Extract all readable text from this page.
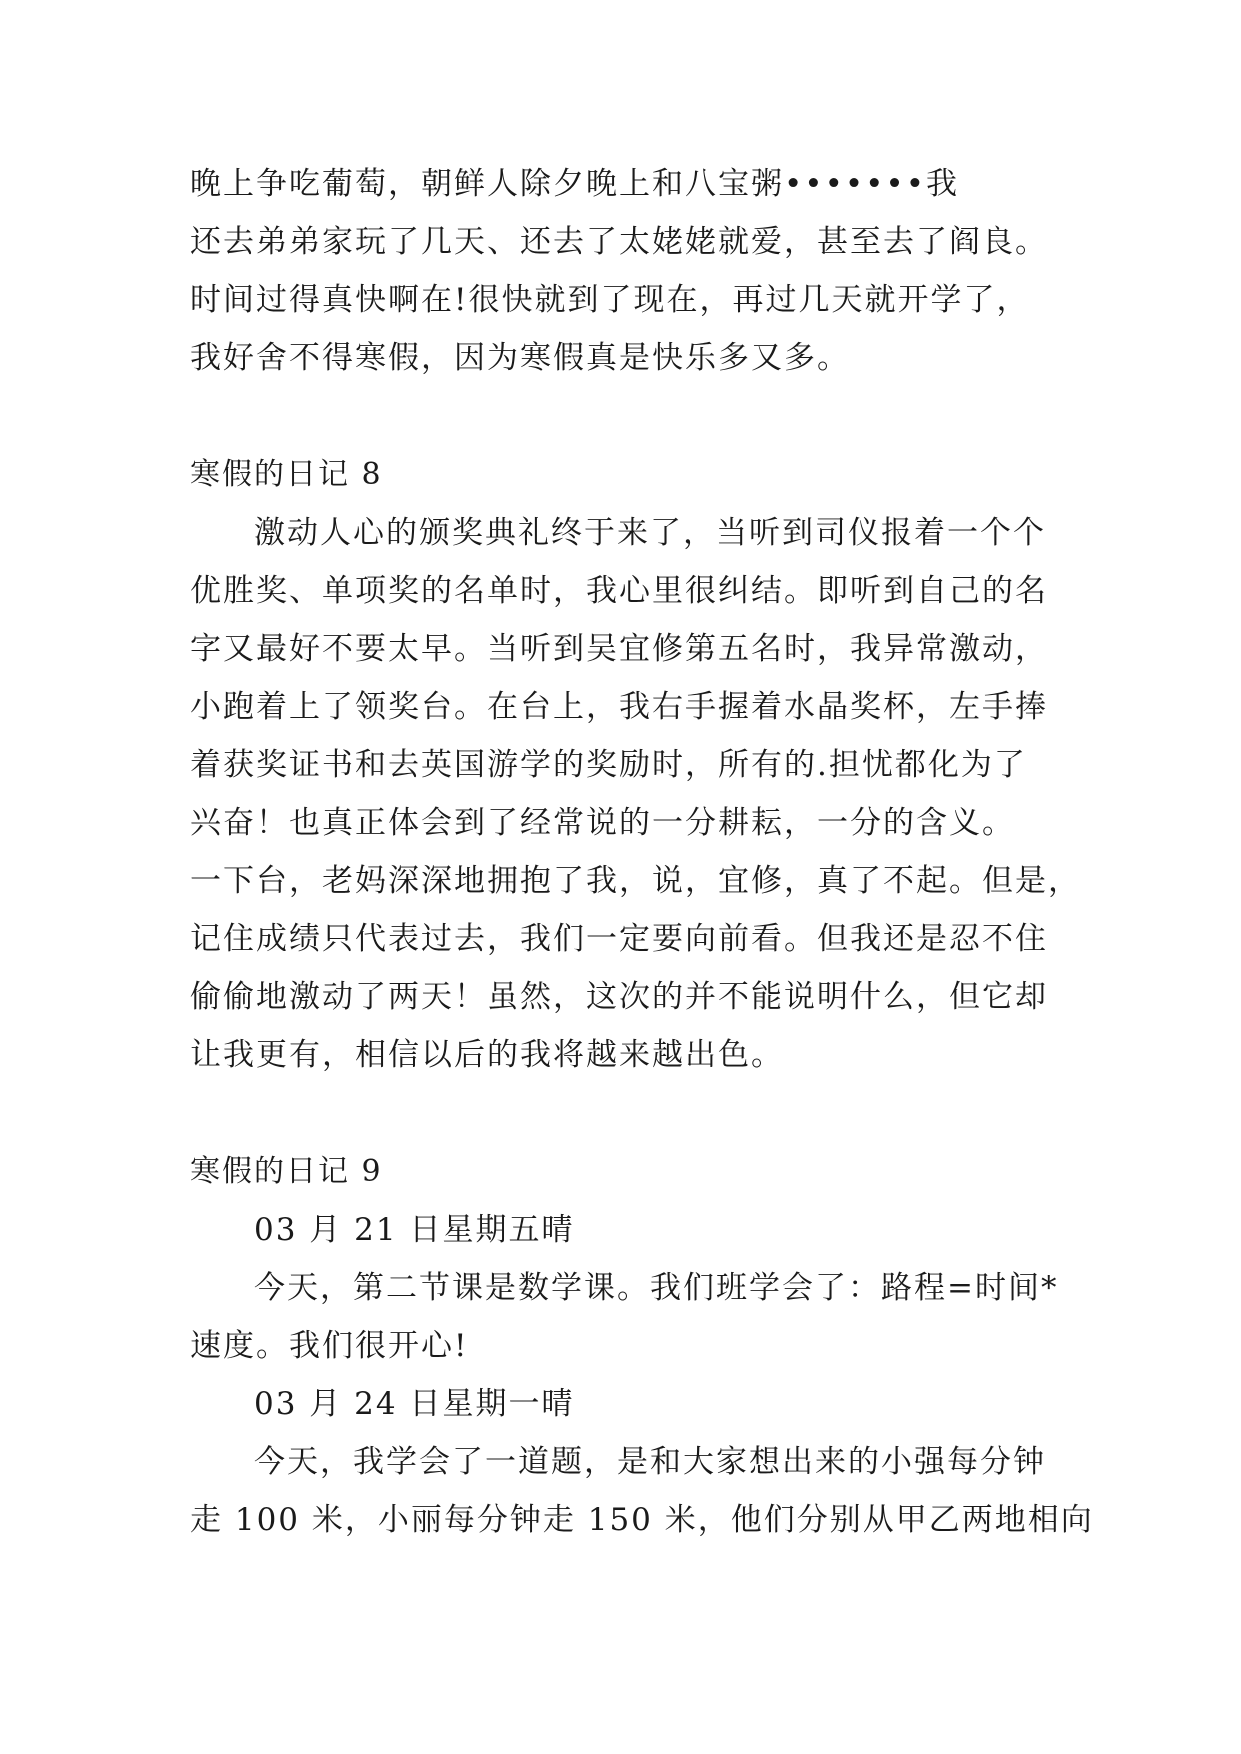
晚上争吃葡萄，朝鲜人除夕晚上和八宝粥•••••••我

还去弟弟家玩了几天、还去了太姥姥就爱，甚至去了阎良。

时间过得真快啊在!很快就到了现在，再过几天就开学了，

我好舍不得寒假，因为寒假真是快乐多又多。

寒假的日记 8

激动人心的颁奖典礼终于来了，当听到司仪报着一个个

优胜奖、单项奖的名单时，我心里很纠结。即听到自己的名

字又最好不要太早。当听到吴宜修第五名时，我异常激动，

小跑着上了领奖台。在台上，我右手握着水晶奖杯，左手捧

着获奖证书和去英国游学的奖励时，所有的.担忧都化为了

兴奋！也真正体会到了经常说的一分耕耘，一分的含义。

一下台，老妈深深地拥抱了我，说，宜修，真了不起。但是，

记住成绩只代表过去，我们一定要向前看。但我还是忍不住

偷偷地激动了两天！虽然，这次的并不能说明什么，但它却

让我更有，相信以后的我将越来越出色。

寒假的日记 9

03 月 21 日星期五晴

今天，第二节课是数学课。我们班学会了：路程=时间*

速度。我们很开心!

03 月 24 日星期一晴

今天，我学会了一道题，是和大家想出来的小强每分钟

走 100 米，小丽每分钟走 150 米，他们分别从甲乙两地相向
